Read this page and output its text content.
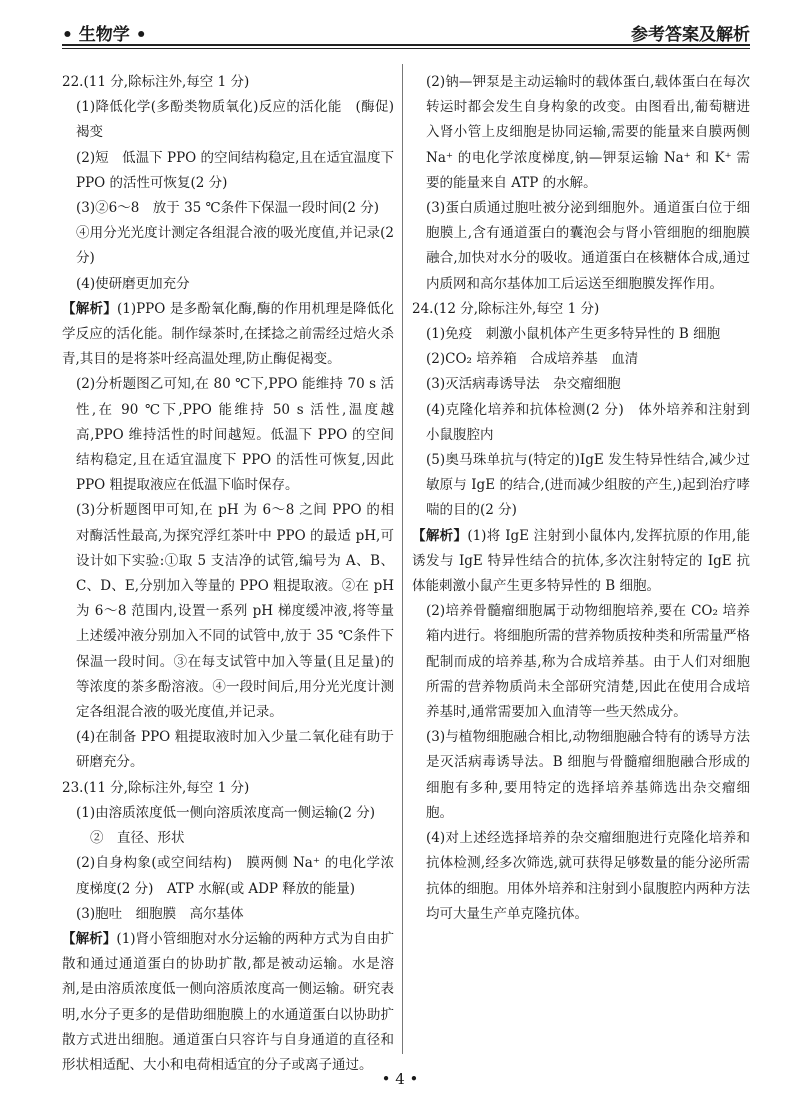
• 生物学 •	参考答案及解析

22.(11 分,除标注外,每空 1 分)

(1)降低化学(多酚类物质氧化)反应的活化能　(酶促)褐变

(2)短　低温下 PPO 的空间结构稳定,且在适宜温度下 PPO 的活性可恢复(2 分)

(3)②6～8　放于 35 ℃条件下保温一段时间(2 分)

④用分光光度计测定各组混合液的吸光度值,并记录(2 分)

(4)使研磨更加充分

【解析】(1)PPO 是多酚氧化酶,酶的作用机理是降低化学反应的活化能。制作绿茶时,在揉捻之前需经过焙火杀青,其目的是将茶叶经高温处理,防止酶促褐变。

(2)分析题图乙可知,在 80 ℃下,PPO 能维持 70 s 活性,在 90 ℃下,PPO 能维持 50 s 活性,温度越高,PPO 维持活性的时间越短。低温下 PPO 的空间结构稳定,且在适宜温度下 PPO 的活性可恢复,因此 PPO 粗提取液应在低温下临时保存。

(3)分析题图甲可知,在 pH 为 6～8 之间 PPO 的相对酶活性最高,为探究浮红茶叶中 PPO 的最适 pH,可设计如下实验:①取 5 支洁净的试管,编号为 A、B、C、D、E,分别加入等量的 PPO 粗提取液。②在 pH 为 6～8 范围内,设置一系列 pH 梯度缓冲液,将等量上述缓冲液分别加入不同的试管中,放于 35 ℃条件下保温一段时间。③在每支试管中加入等量(且足量)的等浓度的茶多酚溶液。④一段时间后,用分光光度计测定各组混合液的吸光度值,并记录。

(4)在制备 PPO 粗提取液时加入少量二氧化硅有助于研磨充分。

23.(11 分,除标注外,每空 1 分)

(1)由溶质浓度低一侧向溶质浓度高一侧运输(2 分)

②　直径、形状

(2)自身构象(或空间结构)　膜两侧 Na⁺ 的电化学浓度梯度(2 分)　ATP 水解(或 ADP 释放的能量)

(3)胞吐　细胞膜　高尔基体

【解析】(1)肾小管细胞对水分运输的两种方式为自由扩散和通过通道蛋白的协助扩散,都是被动运输。水是溶剂,是由溶质浓度低一侧向溶质浓度高一侧运输。研究表明,水分子更多的是借助细胞膜上的水通道蛋白以协助扩散方式进出细胞。通道蛋白只容许与自身通道的直径和形状相适配、大小和电荷相适宜的分子或离子通过。

(2)钠—钾泵是主动运输时的载体蛋白,载体蛋白在每次转运时都会发生自身构象的改变。由图看出,葡萄糖进入肾小管上皮细胞是协同运输,需要的能量来自膜两侧 Na⁺ 的电化学浓度梯度,钠—钾泵运输 Na⁺ 和 K⁺ 需要的能量来自 ATP 的水解。

(3)蛋白质通过胞吐被分泌到细胞外。通道蛋白位于细胞膜上,含有通道蛋白的囊泡会与肾小管细胞的细胞膜融合,加快对水分的吸收。通道蛋白在核糖体合成,通过内质网和高尔基体加工后运送至细胞膜发挥作用。

24.(12 分,除标注外,每空 1 分)

(1)免疫　刺激小鼠机体产生更多特异性的 B 细胞

(2)CO₂ 培养箱　合成培养基　血清

(3)灭活病毒诱导法　杂交瘤细胞

(4)克隆化培养和抗体检测(2 分)　体外培养和注射到小鼠腹腔内

(5)奥马珠单抗与(特定的)IgE 发生特异性结合,减少过敏原与 IgE 的结合,(进而减少组胺的产生,)起到治疗哮喘的目的(2 分)

【解析】(1)将 IgE 注射到小鼠体内,发挥抗原的作用,能诱发与 IgE 特异性结合的抗体,多次注射特定的 IgE 抗体能刺激小鼠产生更多特异性的 B 细胞。

(2)培养骨髓瘤细胞属于动物细胞培养,要在 CO₂ 培养箱内进行。将细胞所需的营养物质按种类和所需量严格配制而成的培养基,称为合成培养基。由于人们对细胞所需的营养物质尚未全部研究清楚,因此在使用合成培养基时,通常需要加入血清等一些天然成分。

(3)与植物细胞融合相比,动物细胞融合特有的诱导方法是灭活病毒诱导法。B 细胞与骨髓瘤细胞融合形成的细胞有多种,要用特定的选择培养基筛选出杂交瘤细胞。

(4)对上述经选择培养的杂交瘤细胞进行克隆化培养和抗体检测,经多次筛选,就可获得足够数量的能分泌所需抗体的细胞。用体外培养和注射到小鼠腹腔内两种方法均可大量生产单克隆抗体。

• 4 •
